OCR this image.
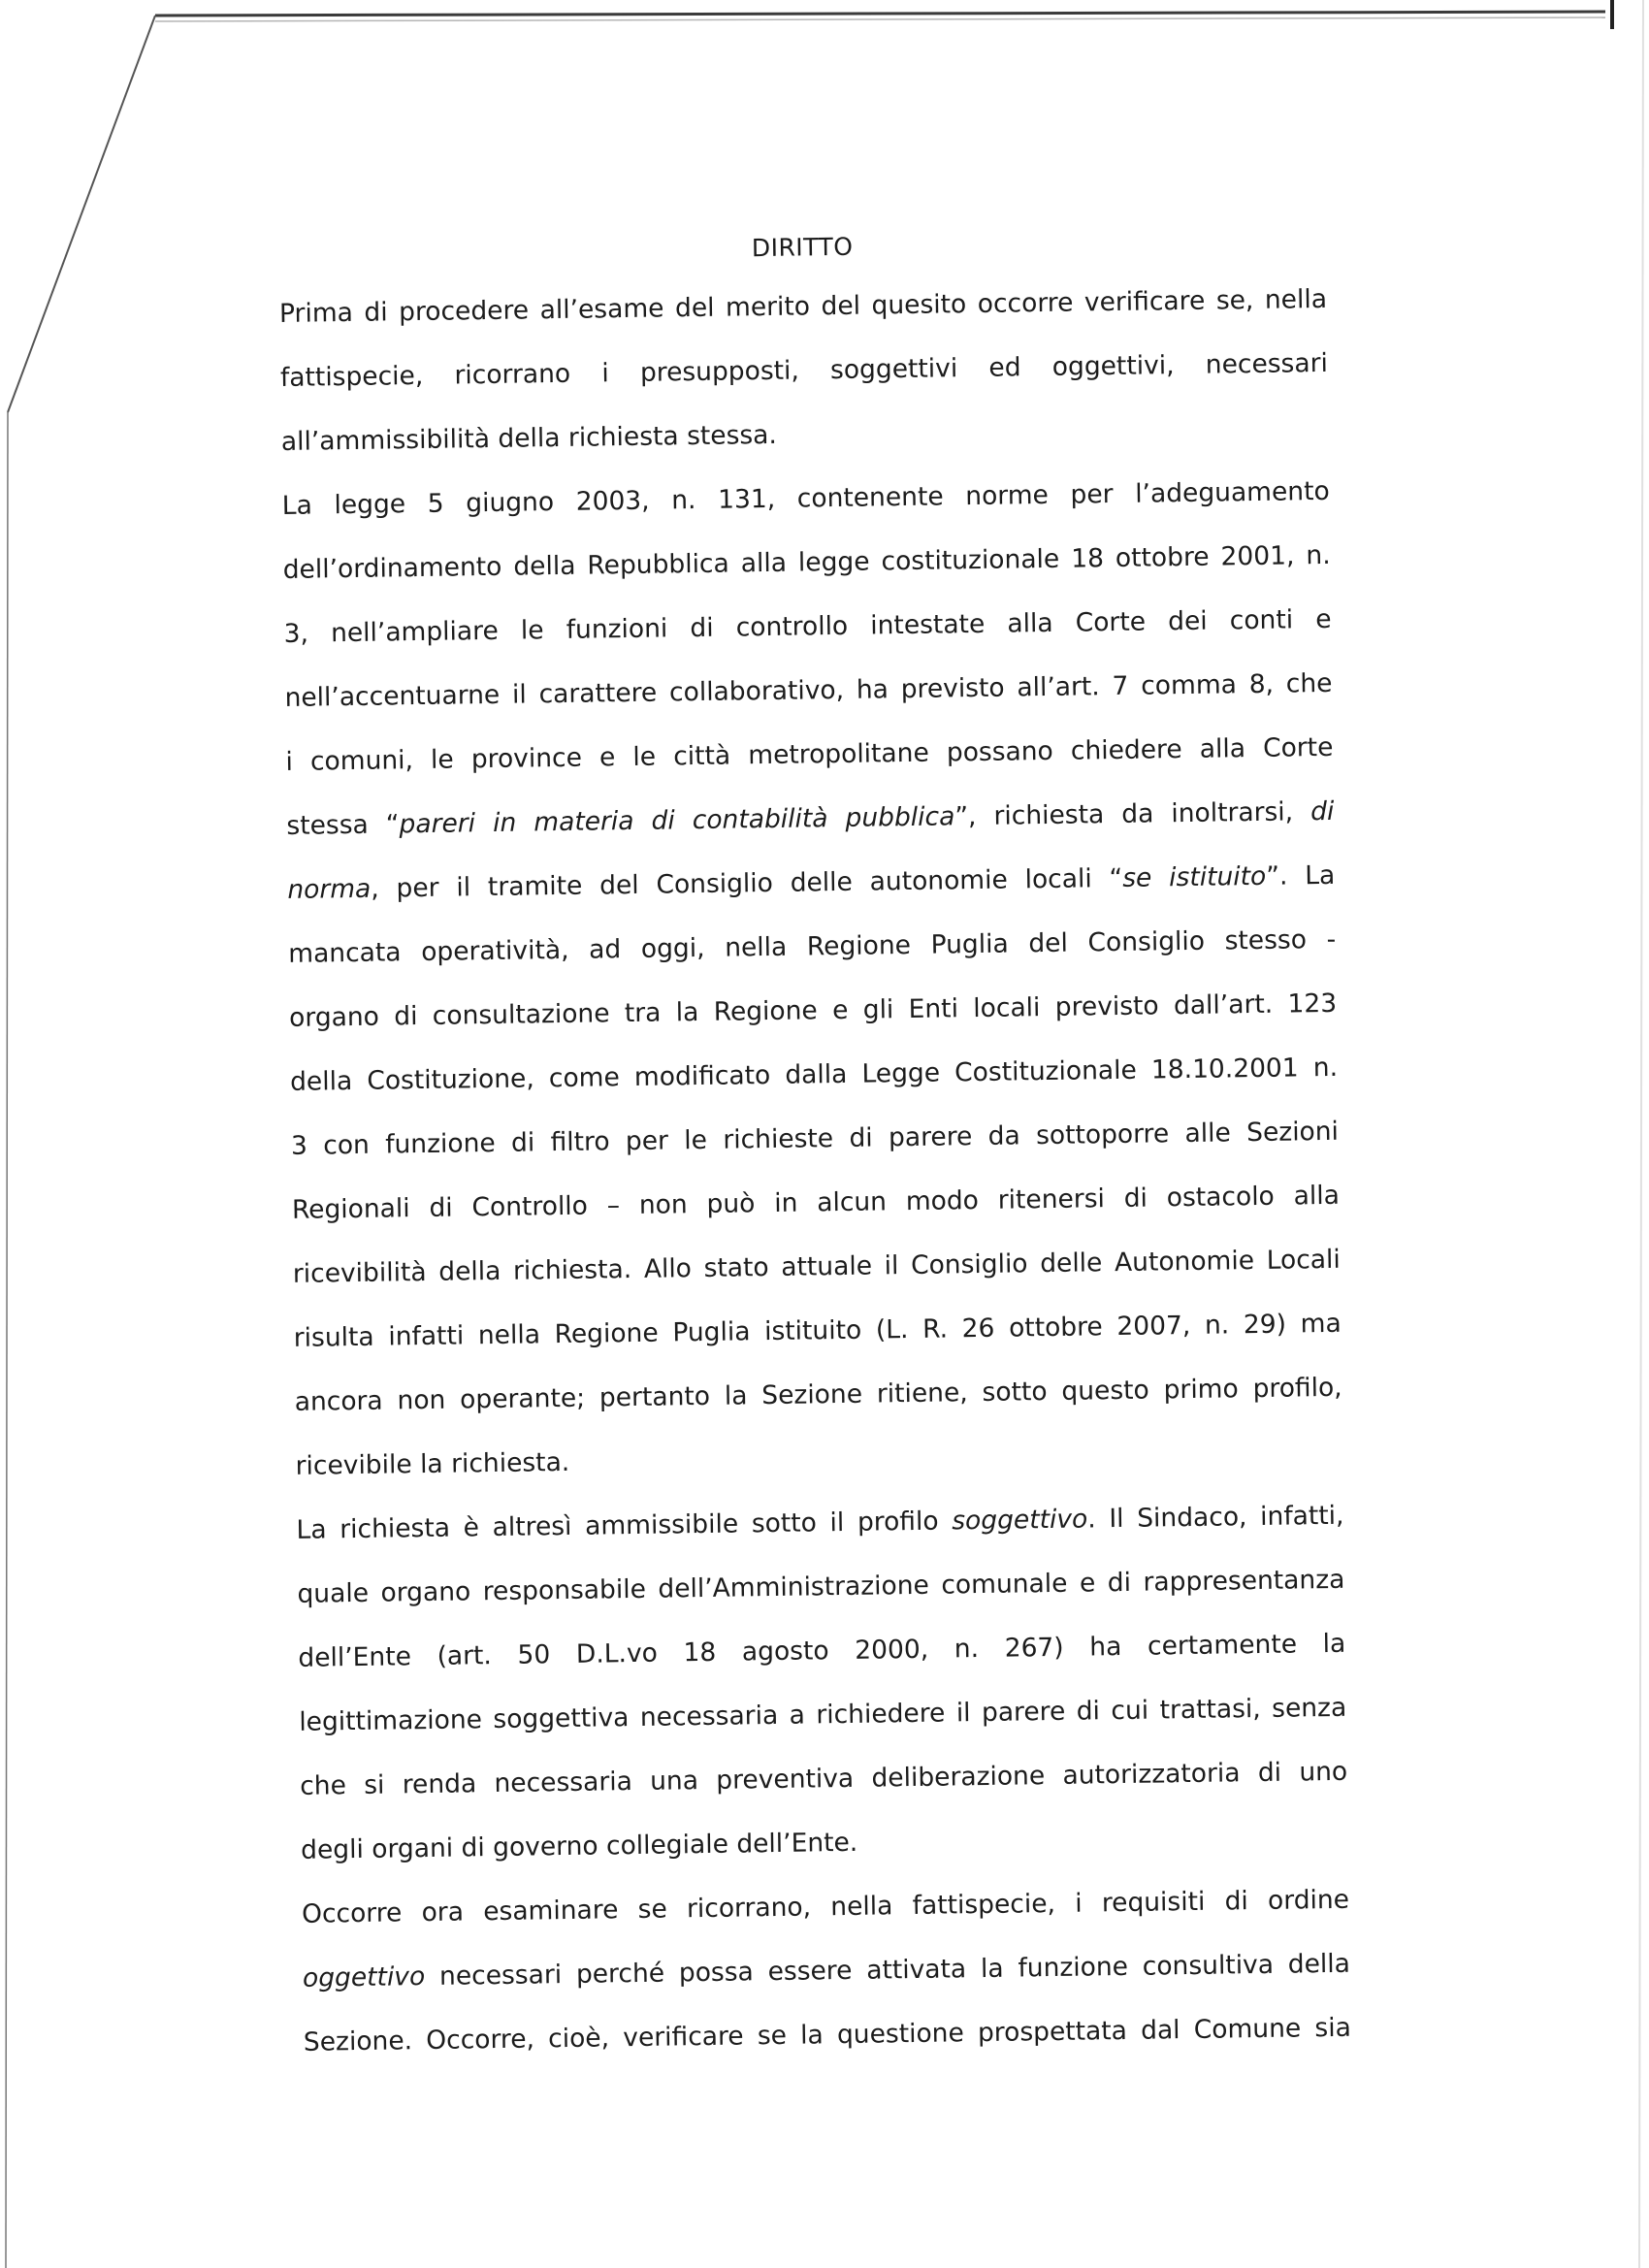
DIRITTO
Prima di procedere all’esame del merito del quesito occorre verificare se, nella
fattispecie, ricorrano i presupposti, soggettivi ed oggettivi, necessari
all’ammissibilità della richiesta stessa.
La legge 5 giugno 2003, n. 131, contenente norme per l’adeguamento
dell’ordinamento della Repubblica alla legge costituzionale 18 ottobre 2001, n.
3, nell’ampliare le funzioni di controllo intestate alla Corte dei conti e
nell’accentuarne il carattere collaborativo, ha previsto all’art. 7 comma 8, che
i comuni, le province e le città metropolitane possano chiedere alla Corte
stessa “pareri in materia di contabilità pubblica”, richiesta da inoltrarsi, di
norma, per il tramite del Consiglio delle autonomie locali “se istituito”. La
mancata operatività, ad oggi, nella Regione Puglia del Consiglio stesso -
organo di consultazione tra la Regione e gli Enti locali previsto dall’art. 123
della Costituzione, come modificato dalla Legge Costituzionale 18.10.2001 n.
3 con funzione di filtro per le richieste di parere da sottoporre alle Sezioni
Regionali di Controllo – non può in alcun modo ritenersi di ostacolo alla
ricevibilità della richiesta. Allo stato attuale il Consiglio delle Autonomie Locali
risulta infatti nella Regione Puglia istituito (L. R. 26 ottobre 2007, n. 29) ma
ancora non operante; pertanto la Sezione ritiene, sotto questo primo profilo,
ricevibile la richiesta.
La richiesta è altresì ammissibile sotto il profilo soggettivo. Il Sindaco, infatti,
quale organo responsabile dell’Amministrazione comunale e di rappresentanza
dell’Ente (art. 50 D.L.vo 18 agosto 2000, n. 267) ha certamente la
legittimazione soggettiva necessaria a richiedere il parere di cui trattasi, senza
che si renda necessaria una preventiva deliberazione autorizzatoria di uno
degli organi di governo collegiale dell’Ente.
Occorre ora esaminare se ricorrano, nella fattispecie, i requisiti di ordine
oggettivo necessari perché possa essere attivata la funzione consultiva della
Sezione. Occorre, cioè, verificare se la questione prospettata dal Comune sia
